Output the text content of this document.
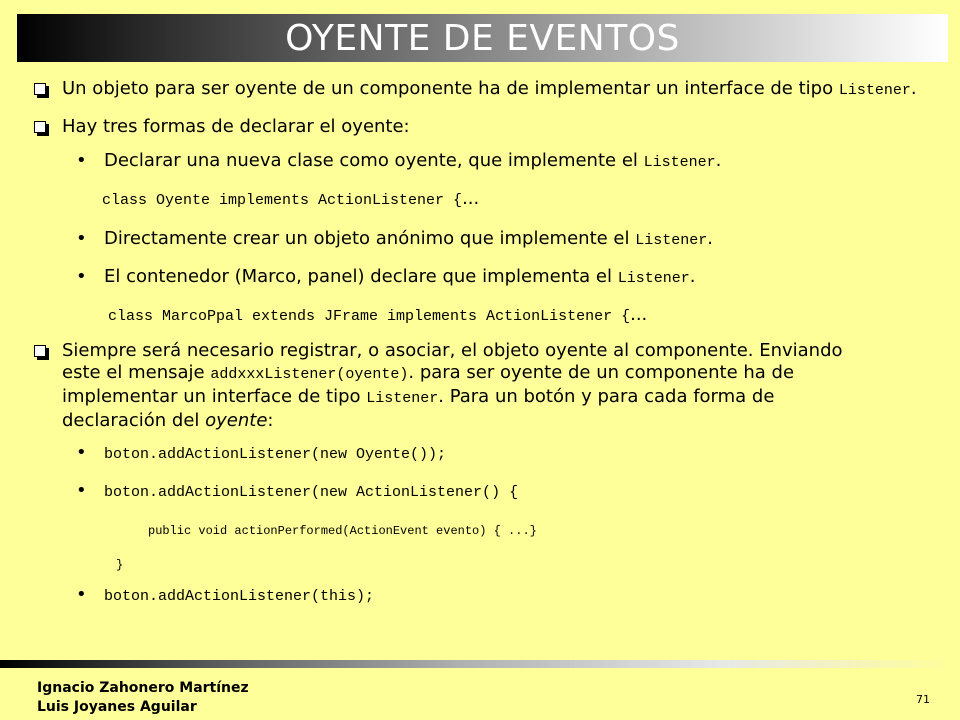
OYENTE DE EVENTOS
Un objeto para ser oyente de un componente ha de implementar un interface de tipo Listener.
Hay tres formas de declarar el oyente:
• Declarar una nueva clase como oyente, que implemente el Listener.
class Oyente implements ActionListener {...
• Directamente crear un objeto anónimo que implemente el Listener.
• El contenedor (Marco, panel) declare que implementa el Listener.
class MarcoPpal extends JFrame implements ActionListener {...
Siempre será necesario registrar, o asociar, el objeto oyente al componente. Enviando
este el mensaje addxxxListener(oyente). para ser oyente de un componente ha de
implementar un interface de tipo Listener. Para un botón y para cada forma de
declaración del oyente:
• boton.addActionListener(new Oyente());
• boton.addActionListener(new ActionListener() {
public void actionPerformed(ActionEvent evento) { ...}
}
• boton.addActionListener(this);
Ignacio Zahonero Martínez
Luis Joyanes Aguilar	71
